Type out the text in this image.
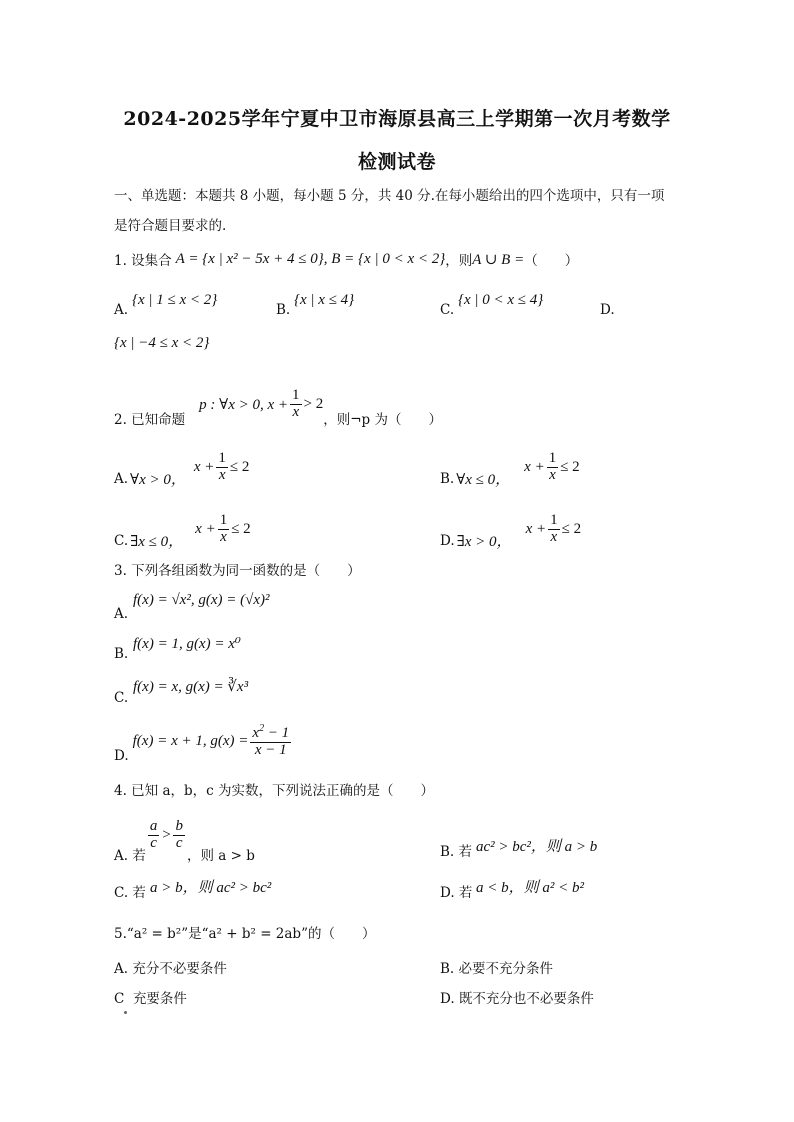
2024-2025学年宁夏中卫市海原县高三上学期第一次月考数学
检测试卷
一、单选题：本题共 8 小题，每小题 5 分，共 40 分.在每小题给出的四个选项中，只有一项
是符合题目要求的.
1. 设集合 A = {x | x² − 5x + 4 ≤ 0}, B = {x | 0 < x < 2} ，则 A ∪ B = （　　）
A.
{x | 1 ≤ x < 2}
B.
{x | x ≤ 4}
C.
{x | 0 < x ≤ 4}
D.
{x | −4 ≤ x < 2}
2. 已知命题
p : ∀x > 0, $x + \frac{1}{x} > 2$
，则¬p 为（　　）
A. ∀x > 0，
$x + \frac{1}{x} \le 2$
B. ∀x ≤ 0，
$x + \frac{1}{x} \le 2$
C. ∃x ≤ 0，
$x + \frac{1}{x} \le 2$
D. ∃x > 0，
$x + \frac{1}{x} \le 2$
3. 下列各组函数为同一函数的是（　　）
A.
f(x) = √x², g(x) = (√x)²
B.
f(x) = 1, g(x) = x⁰
C.
f(x) = x, g(x) = ∛x³
D.
f(x) = x + 1, $g(x) = \frac{x^2 - 1}{x - 1}$
4. 已知 a，b，c 为实数，下列说法正确的是（　　）
A. 若
$\frac{a}{c} > \frac{b}{c}$
，则 a > b	B. 若 ac² > bc²，则 a > b
C. 若 a > b，则 ac² > bc²	D. 若 a < b，则 a² < b²
5.“a² = b²”是“a² + b² = 2ab”的（　　）
A. 充分不必要条件	B. 必要不充分条件
C 充要条件	D. 既不充分也不必要条件
